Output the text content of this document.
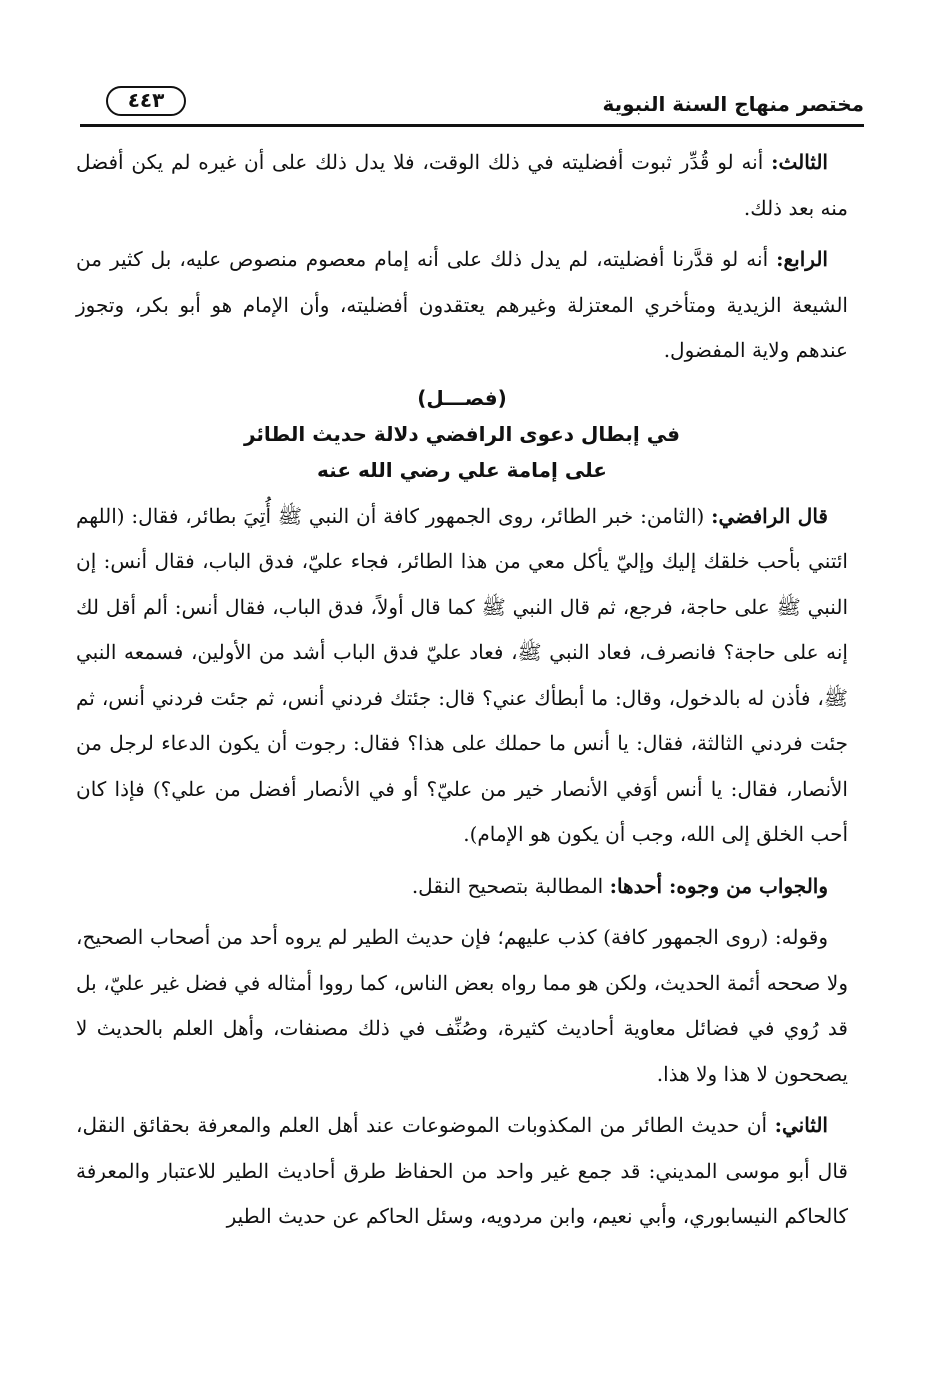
مختصر منهاج السنة النبوية
٤٤٣

الثالث: أنه لو قُدِّر ثبوت أفضليته في ذلك الوقت، فلا يدل ذلك على أن غيره لم يكن أفضل منه بعد ذلك.

الرابع: أنه لو قدَّرنا أفضليته، لم يدل ذلك على أنه إمام معصوم منصوص عليه، بل كثير من الشيعة الزيدية ومتأخري المعتزلة وغيرهم يعتقدون أفضليته، وأن الإمام هو أبو بكر، وتجوز عندهم ولاية المفضول.

(فصـــل)
في إبطال دعوى الرافضي دلالة حديث الطائر
على إمامة علي رضي الله عنه

قال الرافضي: (الثامن: خبر الطائر، روى الجمهور كافة أن النبي ﷺ أُتِيَ بطائر، فقال: (اللهم ائتني بأحب خلقك إليك وإليّ يأكل معي من هذا الطائر، فجاء عليّ، فدق الباب، فقال أنس: إن النبي ﷺ على حاجة، فرجع، ثم قال النبي ﷺ كما قال أولاً، فدق الباب، فقال أنس: ألم أقل لك إنه على حاجة؟ فانصرف، فعاد النبي ﷺ، فعاد عليّ فدق الباب أشد من الأولين، فسمعه النبي ﷺ، فأذن له بالدخول، وقال: ما أبطأك عني؟ قال: جئتك فردني أنس، ثم جئت فردني أنس، ثم جئت فردني الثالثة، فقال: يا أنس ما حملك على هذا؟ فقال: رجوت أن يكون الدعاء لرجل من الأنصار، فقال: يا أنس أوَفي الأنصار خير من عليّ؟ أو في الأنصار أفضل من علي؟) فإذا كان أحب الخلق إلى الله، وجب أن يكون هو الإمام).

والجواب من وجوه: أحدها: المطالبة بتصحيح النقل.

وقوله: (روى الجمهور كافة) كذب عليهم؛ فإن حديث الطير لم يروه أحد من أصحاب الصحيح، ولا صححه أئمة الحديث، ولكن هو مما رواه بعض الناس، كما رووا أمثاله في فضل غير عليّ، بل قد رُوي في فضائل معاوية أحاديث كثيرة، وصُنِّف في ذلك مصنفات، وأهل العلم بالحديث لا يصححون لا هذا ولا هذا.

الثاني: أن حديث الطائر من المكذوبات الموضوعات عند أهل العلم والمعرفة بحقائق النقل، قال أبو موسى المديني: قد جمع غير واحد من الحفاظ طرق أحاديث الطير للاعتبار والمعرفة كالحاكم النيسابوري، وأبي نعيم، وابن مردويه، وسئل الحاكم عن حديث الطير
